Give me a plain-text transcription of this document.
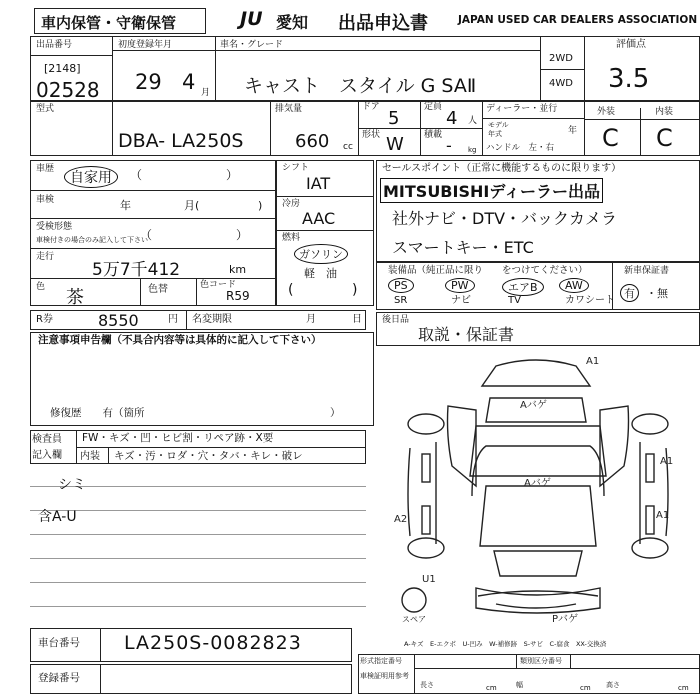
車内保管・守衛保管	JU 愛知 出品申込書	JAPAN USED CAR DEALERS ASSOCIATION
出品番号
[2148]
02528
初度登録年月
29 4 月
車名・グレード
キャスト　スタイル G SAⅡ
2WD
4WD
評価点
3.5
型式
DBA- LA250S
排気量
660 cc
ドア
5
定員
4 人
形状 W 積載
- kg
ディーラー・並行
モデル年式	年
ハンドル　左・右
外装	内装
C C
車歴
自家用	（　　　　　　　）
車検	年	月(	)
受検形態
車検付きの場合のみ記入して下さい
（　　　　　　　）
走行
5万7千412	km
色 茶	色替	色コード
R59
R券	8550	円 名変期限	月	日
注意事項申告欄（不具合内容等は具体的に記入して下さい）
修復歴　　有（箇所	）
シフト
IAT
冷房
AAC
燃料
ガソリン
軽　油
(	)
セールスポイント（正常に機能するものに限ります）
MITSUBISHIディーラー出品
社外ナビ・DTV・バックカメラ
スマートキー・ETC
装備品（純正品に限り　　をつけてください）
PS	PW	エアB	AW
SR	ナビ	TV	カワシート
新車保証書
有	・無
後日品
取説・保証書
検査員
記入欄
FW・キズ・凹・ヒビ割・リペア跡・X要
内装 キズ・汚・ロダ・穴・タバ・キレ・破レ
シミ
含A-U
Aバゲ
Aバゲ
A1
A1
A2
U1
A1
Pバゲ
スペア
A-キズ　E-エクボ　U-凹み　W-補修跡　S-サビ　C-腐食　XX-交換済
車台番号 LA250S-0082823
登録番号
形式指定番号	類別区分番号
車検証明用参考
長さ	cm	幅	cm 高さ	cm
